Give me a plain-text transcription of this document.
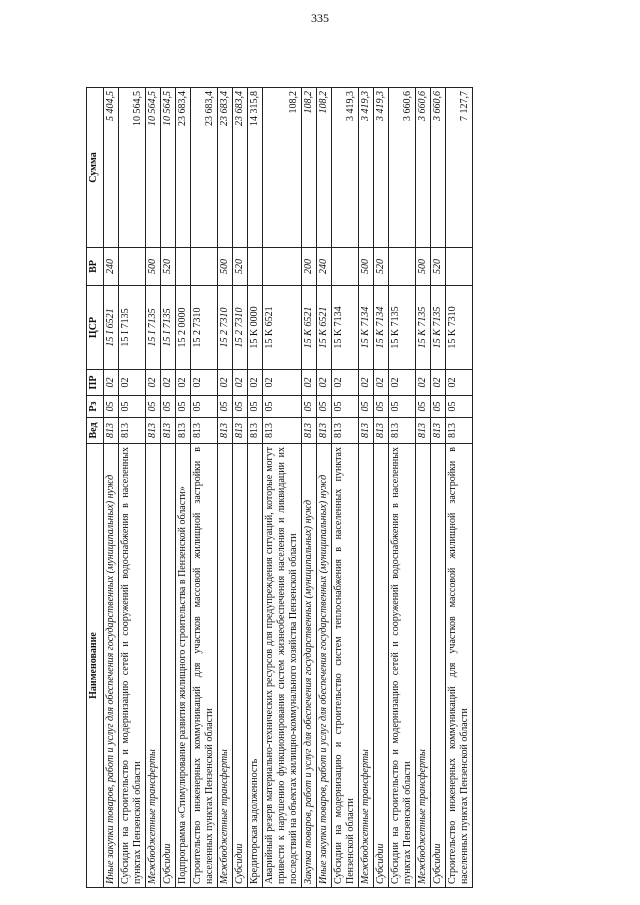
335
Наименование	Вед	Рз	ПР	ЦСР	ВР	Сумма
Иные закупки товаров, работ и услуг для обеспечения государственных (муниципальных) нужд	813	05	02	15 I 6521	240	5 404,5
Субсидии на строительство и модернизацию сетей и сооружений водоснабжения в населенных пунктах Пензенской области	813	05	02	15 I 7135		10 564,5
Межбюджетные трансферты	813	05	02	15 I 7135	500	10 564,5
Субсидии	813	05	02	15 I 7135	520	10 564,5
Подпрограмма «Стимулирование развития жилищного строительства в Пензенской области»	813	05	02	15 2 0000		23 683,4
Строительство инженерных коммуникаций для участков массовой жилищной застройки в населенных пунктах Пензенской области	813	05	02	15 2 7310		23 683,4
Межбюджетные трансферты	813	05	02	15 2 7310	500	23 683,4
Субсидии	813	05	02	15 2 7310	520	23 683,4
Кредиторская задолженность	813	05	02	15 K 0000		14 315,8
Аварийный резерв материально-технических ресурсов для предупреждения ситуаций, которые могут привести к нарушению функционирования систем жизнеобеспечения населения и ликвидации их последствий на объектах жилищно-коммунального хозяйства Пензенской области	813	05	02	15 K 6521		108,2
Закупка товаров, работ и услуг для обеспечения государственных (муниципальных) нужд	813	05	02	15 K 6521	200	108,2
Иные закупки товаров, работ и услуг для обеспечения государственных (муниципальных) нужд	813	05	02	15 K 6521	240	108,2
Субсидии на модернизацию и строительство систем теплоснабжения в населенных пунктах Пензенской области	813	05	02	15 K 7134		3 419,3
Межбюджетные трансферты	813	05	02	15 K 7134	500	3 419,3
Субсидии	813	05	02	15 K 7134	520	3 419,3
Субсидии на строительство и модернизацию сетей и сооружений водоснабжения в населенных пунктах Пензенской области	813	05	02	15 K 7135		3 660,6
Межбюджетные трансферты	813	05	02	15 K 7135	500	3 660,6
Субсидии	813	05	02	15 K 7135	520	3 660,6
Строительство инженерных коммуникаций для участков массовой жилищной застройки в населенных пунктах Пензенской области	813	05	02	15 K 7310		7 127,7
